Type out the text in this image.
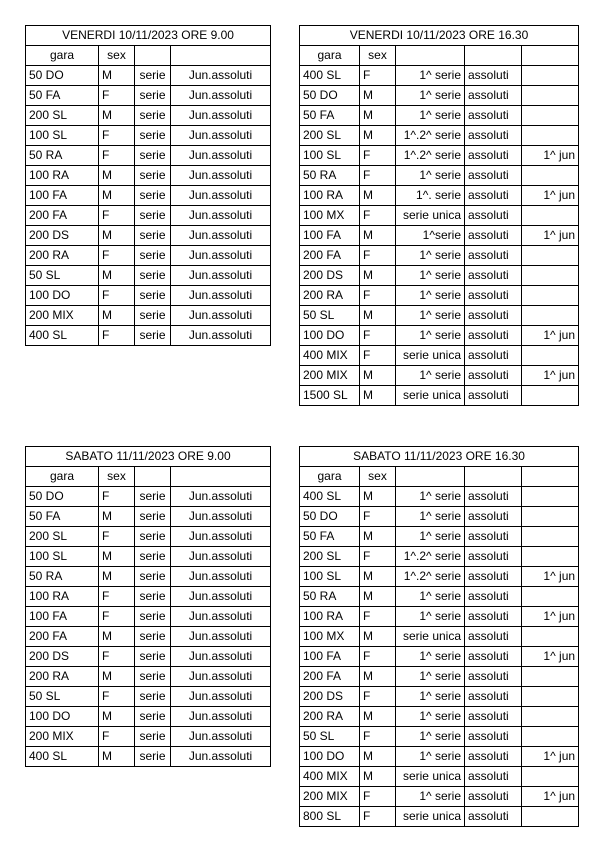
VENERDI 10/11/2023 ORE 9.00			
gara	sex		
50 DO	M	serie	Jun.assoluti
50 FA	F	serie	Jun.assoluti
200 SL	M	serie	Jun.assoluti
100 SL	F	serie	Jun.assoluti
50 RA	F	serie	Jun.assoluti
100 RA	M	serie	Jun.assoluti
100 FA	M	serie	Jun.assoluti
200 FA	F	serie	Jun.assoluti
200 DS	M	serie	Jun.assoluti
200 RA	F	serie	Jun.assoluti
50 SL	M	serie	Jun.assoluti
100 DO	F	serie	Jun.assoluti
200 MIX	M	serie	Jun.assoluti
400 SL	F	serie	Jun.assoluti
VENERDI 10/11/2023 ORE 16.30				
gara	sex			
400 SL	F	1^ serie	assoluti	
50 DO	M	1^ serie	assoluti	
50 FA	M	1^ serie	assoluti	
200 SL	M	1^.2^ serie	assoluti	
100 SL	F	1^.2^ serie	assoluti	1^ jun
50 RA	F	1^ serie	assoluti	
100 RA	M	1^. serie	assoluti	1^ jun
100 MX	F	serie unica	assoluti	
100 FA	M	1^serie	assoluti	1^ jun
200 FA	F	1^ serie	assoluti	
200 DS	M	1^ serie	assoluti	
200 RA	F	1^ serie	assoluti	
50 SL	M	1^ serie	assoluti	
100 DO	F	1^ serie	assoluti	1^ jun
400 MIX	F	serie unica	assoluti	
200 MIX	M	1^ serie	assoluti	1^ jun
1500 SL	M	serie unica	assoluti	
SABATO 11/11/2023 ORE 9.00			
gara	sex		
50 DO	F	serie	Jun.assoluti
50 FA	M	serie	Jun.assoluti
200 SL	F	serie	Jun.assoluti
100 SL	M	serie	Jun.assoluti
50 RA	M	serie	Jun.assoluti
100 RA	F	serie	Jun.assoluti
100 FA	F	serie	Jun.assoluti
200 FA	M	serie	Jun.assoluti
200 DS	F	serie	Jun.assoluti
200 RA	M	serie	Jun.assoluti
50 SL	F	serie	Jun.assoluti
100 DO	M	serie	Jun.assoluti
200 MIX	F	serie	Jun.assoluti
400 SL	M	serie	Jun.assoluti
SABATO 11/11/2023 ORE 16.30				
gara	sex			
400 SL	M	1^ serie	assoluti	
50 DO	F	1^ serie	assoluti	
50 FA	M	1^ serie	assoluti	
200 SL	F	1^.2^ serie	assoluti	
100 SL	M	1^.2^ serie	assoluti	1^ jun
50 RA	M	1^ serie	assoluti	
100 RA	F	1^ serie	assoluti	1^ jun
100 MX	M	serie unica	assoluti	
100 FA	F	1^ serie	assoluti	1^ jun
200 FA	M	1^ serie	assoluti	
200 DS	F	1^ serie	assoluti	
200 RA	M	1^ serie	assoluti	
50 SL	F	1^ serie	assoluti	
100 DO	M	1^ serie	assoluti	1^ jun
400 MIX	M	serie unica	assoluti	
200 MIX	F	1^ serie	assoluti	1^ jun
800 SL	F	serie unica	assoluti	
